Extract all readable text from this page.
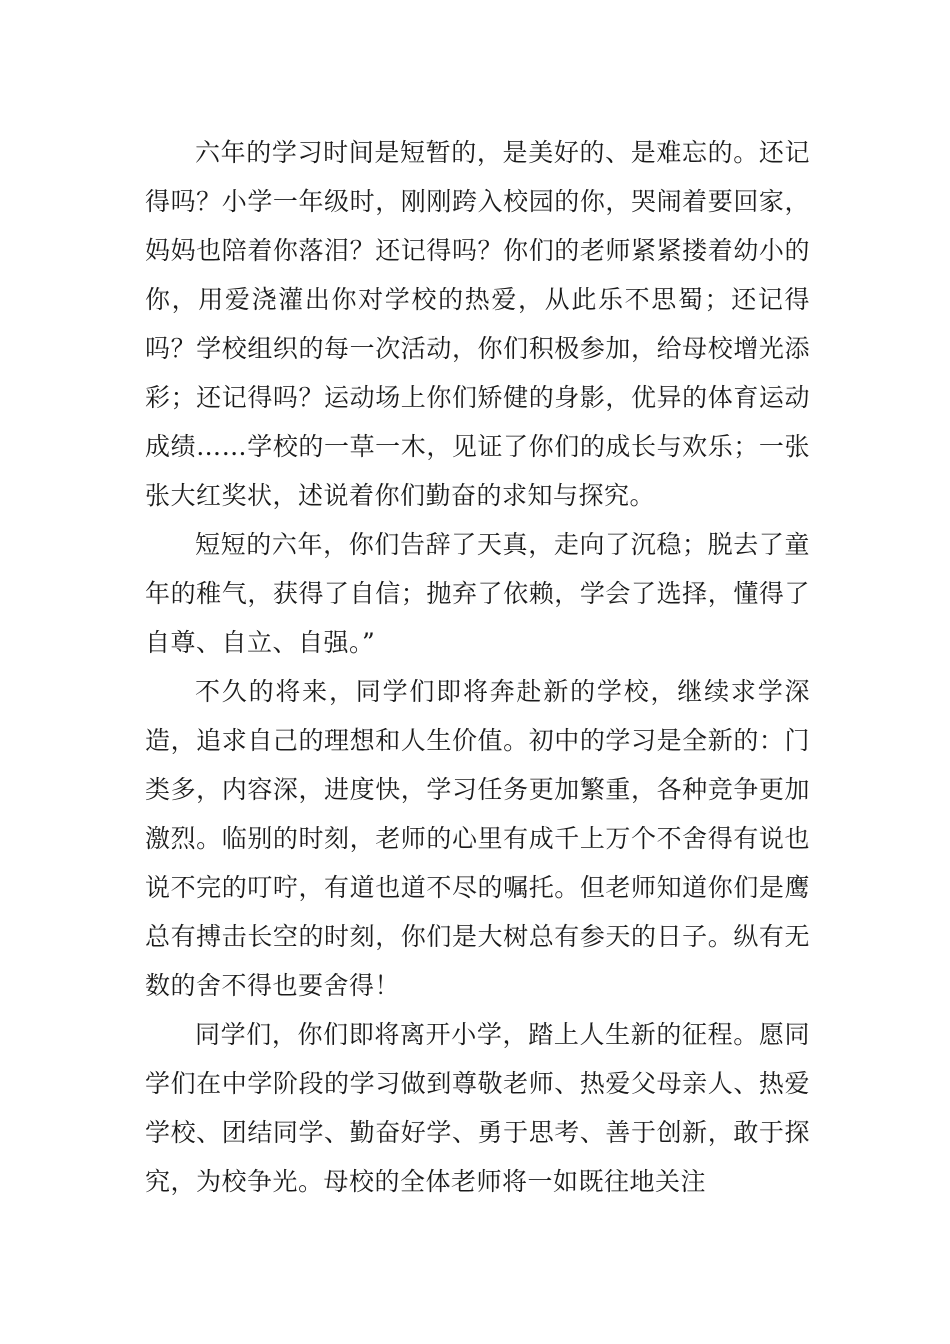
六年的学习时间是短暂的，是美好的、是难忘的。还记得吗？小学一年级时，刚刚跨入校园的你，哭闹着要回家，妈妈也陪着你落泪？还记得吗？你们的老师紧紧搂着幼小的你，用爱浇灌出你对学校的热爱，从此乐不思蜀；还记得吗？学校组织的每一次活动，你们积极参加，给母校增光添彩；还记得吗？运动场上你们矫健的身影，优异的体育运动成绩……学校的一草一木，见证了你们的成长与欢乐；一张张大红奖状，述说着你们勤奋的求知与探究。

短短的六年，你们告辞了天真，走向了沉稳；脱去了童年的稚气，获得了自信；抛弃了依赖，学会了选择，懂得了自尊、自立、自强。”

不久的将来，同学们即将奔赴新的学校，继续求学深造，追求自己的理想和人生价值。初中的学习是全新的：门类多，内容深，进度快，学习任务更加繁重，各种竞争更加激烈。临别的时刻，老师的心里有成千上万个不舍得有说也说不完的叮咛，有道也道不尽的嘱托。但老师知道你们是鹰总有搏击长空的时刻，你们是大树总有参天的日子。纵有无数的舍不得也要舍得！

同学们，你们即将离开小学，踏上人生新的征程。愿同学们在中学阶段的学习做到尊敬老师、热爱父母亲人、热爱学校、团结同学、勤奋好学、勇于思考、善于创新，敢于探究，为校争光。母校的全体老师将一如既往地关注
